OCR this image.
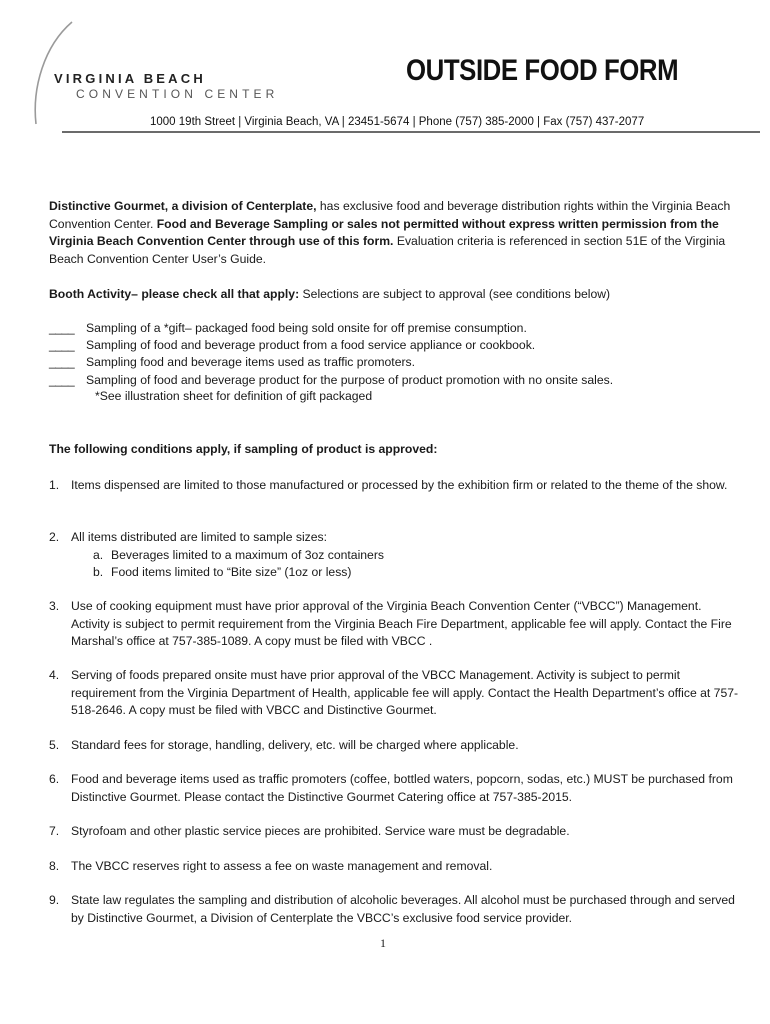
VIRGINIA BEACH
CONVENTION CENTER
OUTSIDE FOOD FORM
1000 19th Street | Virginia Beach, VA | 23451-5674 | Phone (757) 385-2000 | Fax (757) 437-2077
Distinctive Gourmet, a division of Centerplate, has exclusive food and beverage distribution rights within the Virginia Beach Convention Center. Food and Beverage Sampling or sales not permitted without express written permission from the Virginia Beach Convention Center through use of this form. Evaluation criteria is referenced in section 51E of the Virginia Beach Convention Center User’s Guide.
Booth Activity– please check all that apply: Selections are subject to approval (see conditions below)
____ Sampling of a *gift– packaged food being sold onsite for off premise consumption.
____ Sampling of food and beverage product from a food service appliance or cookbook.
____ Sampling food and beverage items used as traffic promoters.
____ Sampling of food and beverage product for the purpose of product promotion with no onsite sales.
*See illustration sheet for definition of gift packaged
The following conditions apply, if sampling of product is approved:
1. Items dispensed are limited to those manufactured or processed by the exhibition firm or related to the theme of the show.
2. All items distributed are limited to sample sizes:
a. Beverages limited to a maximum of 3oz containers
b. Food items limited to “Bite size” (1oz or less)
3. Use of cooking equipment must have prior approval of the Virginia Beach Convention Center (“VBCC”) Management. Activity is subject to permit requirement from the Virginia Beach Fire Department, applicable fee will apply. Contact the Fire Marshal’s office at 757-385-1089. A copy must be filed with VBCC .
4. Serving of foods prepared onsite must have prior approval of the VBCC Management. Activity is subject to permit requirement from the Virginia Department of Health, applicable fee will apply. Contact the Health Department’s office at 757-518-2646. A copy must be filed with VBCC and Distinctive Gourmet.
5. Standard fees for storage, handling, delivery, etc. will be charged where applicable.
6. Food and beverage items used as traffic promoters (coffee, bottled waters, popcorn, sodas, etc.) MUST be purchased from Distinctive Gourmet. Please contact the Distinctive Gourmet Catering office at 757-385-2015.
7. Styrofoam and other plastic service pieces are prohibited. Service ware must be degradable.
8. The VBCC reserves right to assess a fee on waste management and removal.
9. State law regulates the sampling and distribution of alcoholic beverages. All alcohol must be purchased through and served by Distinctive Gourmet, a Division of Centerplate the VBCC’s exclusive food service provider.
1
